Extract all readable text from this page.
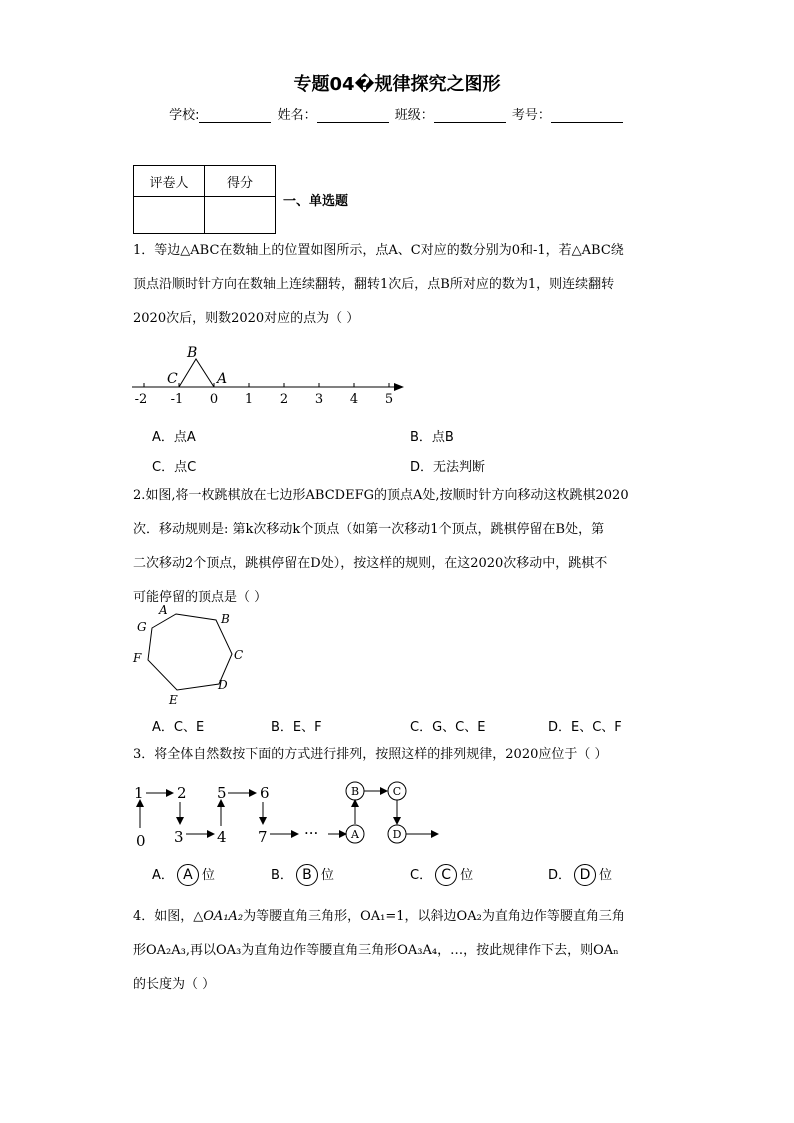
专题04�规律探究之图形
学校:	姓名：	班级：	考号：
评卷人	得分

一、单选题
1．等边△ABC在数轴上的位置如图所示，点A、C对应的数分别为0和-1，若△ABC绕
顶点沿顺时针方向在数轴上连续翻转，翻转1次后，点B所对应的数为1，则连续翻转
2020次后，则数2020对应的点为（ ）
-2 -1 0 1 2 3 4 5
B
C	A
A．点A	B．点B
C．点C	D．无法判断
2.如图,将一枚跳棋放在七边形ABCDEFG的顶点A处,按顺时针方向移动这枚跳棋2020
次．移动规则是: 第k次移动k个顶点（如第一次移动1个顶点，跳棋停留在B处，第
二次移动2个顶点，跳棋停留在D处），按这样的规则，在这2020次移动中，跳棋不
可能停留的顶点是（ ）
A
B
C
D
E
F
G
A．C、E	B．E、F	C．G、C、E	D．E、C、F
3．将全体自然数按下面的方式进行排列，按照这样的排列规律，2020应位于（ ）
0
1 2
3 4
5 6
7 ···	A
B	C
D
A． A 位	B． B 位	C． C 位	D． D 位
4．如图，△OA₁A₂为等腰直角三角形，OA₁=1，以斜边OA₂为直角边作等腰直角三角
形OA₂A₃,再以OA₃为直角边作等腰直角三角形OA₃A₄，…，按此规律作下去，则OAₙ
的长度为（ ）
